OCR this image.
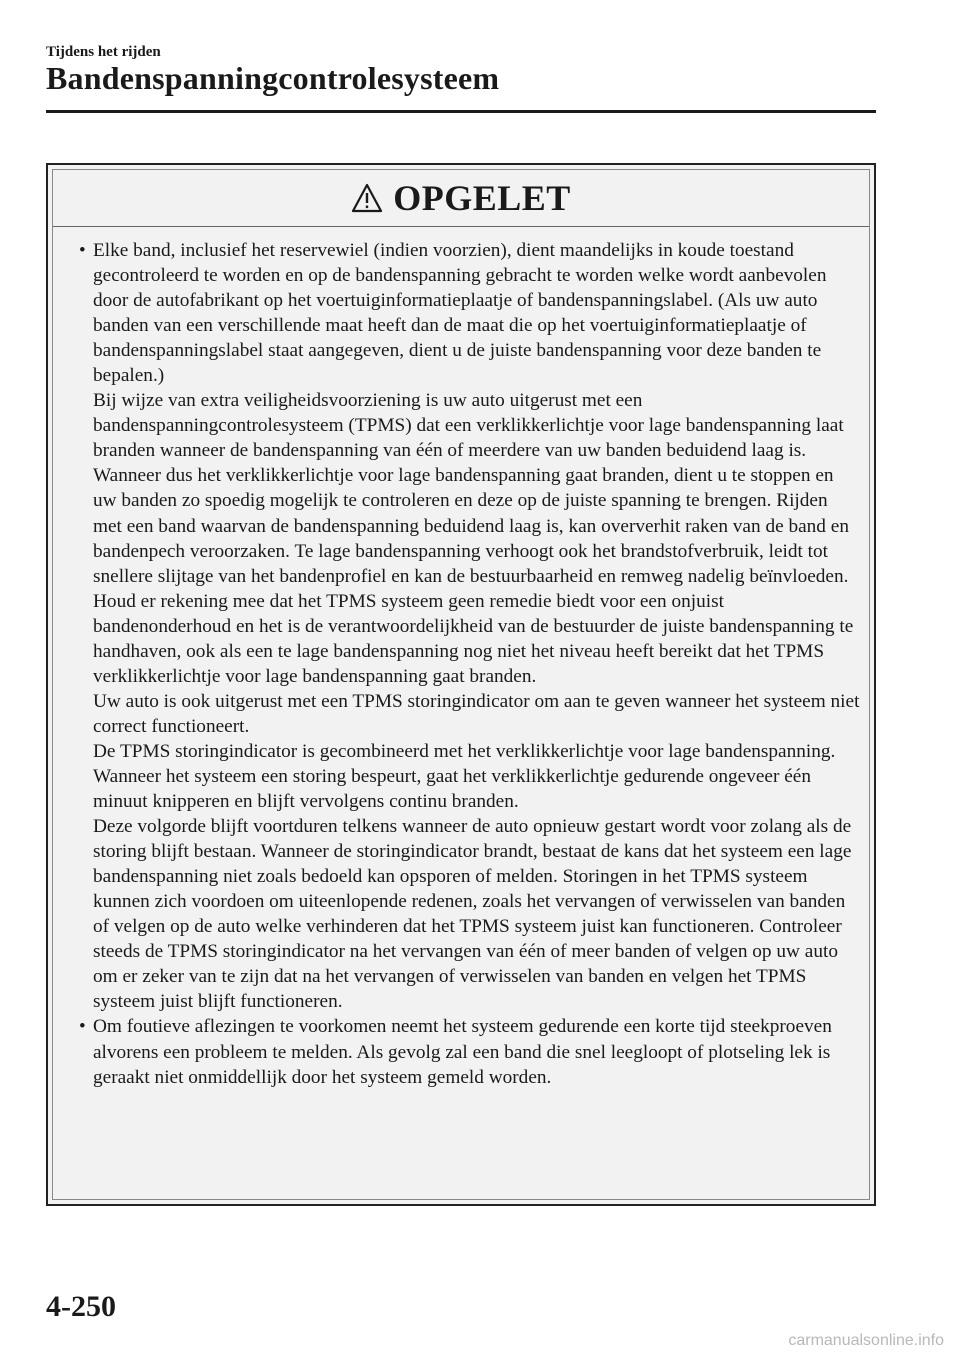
Tijdens het rijden
Bandenspanningcontrolesysteem
OPGELET
• Elke band, inclusief het reservewiel (indien voorzien), dient maandelijks in koude toestand gecontroleerd te worden en op de bandenspanning gebracht te worden welke wordt aanbevolen door de autofabrikant op het voertuiginformatieplaatje of bandenspanningslabel. (Als uw auto banden van een verschillende maat heeft dan de maat die op het voertuiginformatieplaatje of bandenspanningslabel staat aangegeven, dient u de juiste bandenspanning voor deze banden te bepalen.)

Bij wijze van extra veiligheidsvoorziening is uw auto uitgerust met een bandenspanningcontrolesysteem (TPMS) dat een verklikkerlichtje voor lage bandenspanning laat branden wanneer de bandenspanning van één of meerdere van uw banden beduidend laag is. Wanneer dus het verklikkerlichtje voor lage bandenspanning gaat branden, dient u te stoppen en uw banden zo spoedig mogelijk te controleren en deze op de juiste spanning te brengen. Rijden met een band waarvan de bandenspanning beduidend laag is, kan oververhit raken van de band en bandenpech veroorzaken. Te lage bandenspanning verhoogt ook het brandstofverbruik, leidt tot snellere slijtage van het bandenprofiel en kan de bestuurbaarheid en remweg nadelig beïnvloeden.

Houd er rekening mee dat het TPMS systeem geen remedie biedt voor een onjuist bandenonderhoud en het is de verantwoordelijkheid van de bestuurder de juiste bandenspanning te handhaven, ook als een te lage bandenspanning nog niet het niveau heeft bereikt dat het TPMS verklikkerlichtje voor lage bandenspanning gaat branden.

Uw auto is ook uitgerust met een TPMS storingindicator om aan te geven wanneer het systeem niet correct functioneert.

De TPMS storingindicator is gecombineerd met het verklikkerlichtje voor lage bandenspanning. Wanneer het systeem een storing bespeurt, gaat het verklikkerlichtje gedurende ongeveer één minuut knipperen en blijft vervolgens continu branden.

Deze volgorde blijft voortduren telkens wanneer de auto opnieuw gestart wordt voor zolang als de storing blijft bestaan. Wanneer de storingindicator brandt, bestaat de kans dat het systeem een lage bandenspanning niet zoals bedoeld kan opsporen of melden. Storingen in het TPMS systeem kunnen zich voordoen om uiteenlopende redenen, zoals het vervangen of verwisselen van banden of velgen op de auto welke verhinderen dat het TPMS systeem juist kan functioneren. Controleer steeds de TPMS storingindicator na het vervangen van één of meer banden of velgen op uw auto om er zeker van te zijn dat na het vervangen of verwisselen van banden en velgen het TPMS systeem juist blijft functioneren.

• Om foutieve aflezingen te voorkomen neemt het systeem gedurende een korte tijd steekproeven alvorens een probleem te melden. Als gevolg zal een band die snel leegloopt of plotseling lek is geraakt niet onmiddellijk door het systeem gemeld worden.

4-250
carmanualsonline.info
